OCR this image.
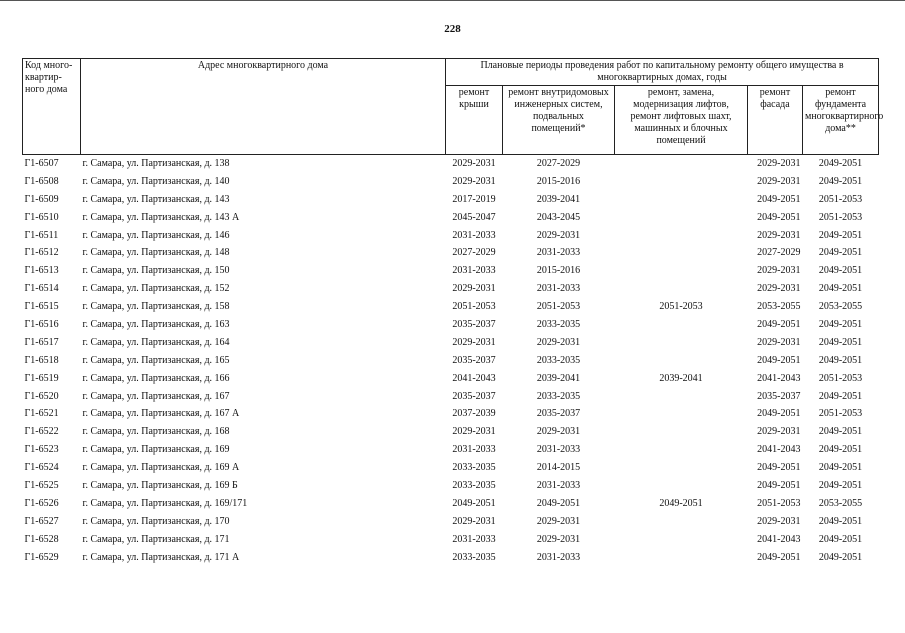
228
Код много-квартир-ного дома	Адрес многоквартирного дома	Плановые периоды проведения работ по капитальному ремонту общего имущества в многоквартирных домах, годы				
		ремонт крыши	ремонт внутридомовых инженерных систем, подвальных помещений*	ремонт, замена, модернизация лифтов, ремонт лифтовых шахт, машинных и блочных помещений	ремонт фасада	ремонт фундамента многоквартирного дома**
Г1-6507	г. Самара, ул. Партизанская, д. 138	2029-2031	2027-2029		2029-2031	2049-2051
Г1-6508	г. Самара, ул. Партизанская, д. 140	2029-2031	2015-2016		2029-2031	2049-2051
Г1-6509	г. Самара, ул. Партизанская, д. 143	2017-2019	2039-2041		2049-2051	2051-2053
Г1-6510	г. Самара, ул. Партизанская, д. 143 А	2045-2047	2043-2045		2049-2051	2051-2053
Г1-6511	г. Самара, ул. Партизанская, д. 146	2031-2033	2029-2031		2029-2031	2049-2051
Г1-6512	г. Самара, ул. Партизанская, д. 148	2027-2029	2031-2033		2027-2029	2049-2051
Г1-6513	г. Самара, ул. Партизанская, д. 150	2031-2033	2015-2016		2029-2031	2049-2051
Г1-6514	г. Самара, ул. Партизанская, д. 152	2029-2031	2031-2033		2029-2031	2049-2051
Г1-6515	г. Самара, ул. Партизанская, д. 158	2051-2053	2051-2053	2051-2053	2053-2055	2053-2055
Г1-6516	г. Самара, ул. Партизанская, д. 163	2035-2037	2033-2035		2049-2051	2049-2051
Г1-6517	г. Самара, ул. Партизанская, д. 164	2029-2031	2029-2031		2029-2031	2049-2051
Г1-6518	г. Самара, ул. Партизанская, д. 165	2035-2037	2033-2035		2049-2051	2049-2051
Г1-6519	г. Самара, ул. Партизанская, д. 166	2041-2043	2039-2041	2039-2041	2041-2043	2051-2053
Г1-6520	г. Самара, ул. Партизанская, д. 167	2035-2037	2033-2035		2035-2037	2049-2051
Г1-6521	г. Самара, ул. Партизанская, д. 167 А	2037-2039	2035-2037		2049-2051	2051-2053
Г1-6522	г. Самара, ул. Партизанская, д. 168	2029-2031	2029-2031		2029-2031	2049-2051
Г1-6523	г. Самара, ул. Партизанская, д. 169	2031-2033	2031-2033		2041-2043	2049-2051
Г1-6524	г. Самара, ул. Партизанская, д. 169 А	2033-2035	2014-2015		2049-2051	2049-2051
Г1-6525	г. Самара, ул. Партизанская, д. 169 Б	2033-2035	2031-2033		2049-2051	2049-2051
Г1-6526	г. Самара, ул. Партизанская, д. 169/171	2049-2051	2049-2051	2049-2051	2051-2053	2053-2055
Г1-6527	г. Самара, ул. Партизанская, д. 170	2029-2031	2029-2031		2029-2031	2049-2051
Г1-6528	г. Самара, ул. Партизанская, д. 171	2031-2033	2029-2031		2041-2043	2049-2051
Г1-6529	г. Самара, ул. Партизанская, д. 171 А	2033-2035	2031-2033		2049-2051	2049-2051
